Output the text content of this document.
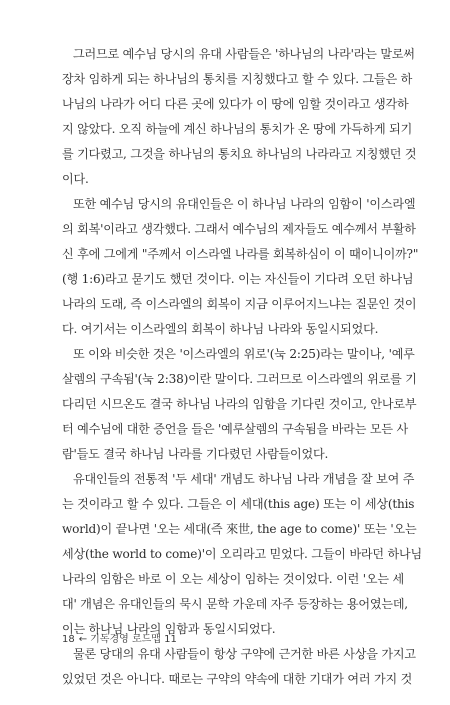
그러므로 예수님 당시의 유대 사람들은 '하나님의 나라'라는 말로써
장차 임하게 되는 하나님의 통치를 지칭했다고 할 수 있다. 그들은 하
나님의 나라가 어디 다른 곳에 있다가 이 땅에 임할 것이라고 생각하
지 않았다. 오직 하늘에 계신 하나님의 통치가 온 땅에 가득하게 되기
를 기다렸고, 그것을 하나님의 통치요 하나님의 나라라고 지칭했던 것
이다.
또한 예수님 당시의 유대인들은 이 하나님 나라의 임함이 '이스라엘
의 회복'이라고 생각했다. 그래서 예수님의 제자들도 예수께서 부활하
신 후에 그에게 "주께서 이스라엘 나라를 회복하심이 이 때이니이까?"
(행 1:6)라고 묻기도 했던 것이다. 이는 자신들이 기다려 오던 하나님
나라의 도래, 즉 이스라엘의 회복이 지금 이루어지느냐는 질문인 것이
다. 여기서는 이스라엘의 회복이 하나님 나라와 동일시되었다.
또 이와 비슷한 것은 '이스라엘의 위로'(눅 2:25)라는 말이나, '예루
살렘의 구속됨'(눅 2:38)이란 말이다. 그러므로 이스라엘의 위로를 기
다리던 시므온도 결국 하나님 나라의 임함을 기다린 것이고, 안나로부
터 예수님에 대한 증언을 들은 '예루살렘의 구속됨을 바라는 모든 사
람'들도 결국 하나님 나라를 기다렸던 사람들이었다.
유대인들의 전통적 '두 세대' 개념도 하나님 나라 개념을 잘 보여 주
는 것이라고 할 수 있다. 그들은 이 세대(this age) 또는 이 세상(this
world)이 끝나면 '오는 세대(즉 來世, the age to come)' 또는 '오는
세상(the world to come)'이 오리라고 믿었다. 그들이 바라던 하나님
나라의 임함은 바로 이 오는 세상이 임하는 것이었다. 이런 '오는 세
대' 개념은 유대인들의 묵시 문학 가운데 자주 등장하는 용어였는데,
이는 하나님 나라의 임함과 동일시되었다.
물론 당대의 유대 사람들이 항상 구약에 근거한 바른 사상을 가지고
있었던 것은 아니다. 때로는 구약의 약속에 대한 기대가 여러 가지 것
18 ← 기독경영 로드맵 11
